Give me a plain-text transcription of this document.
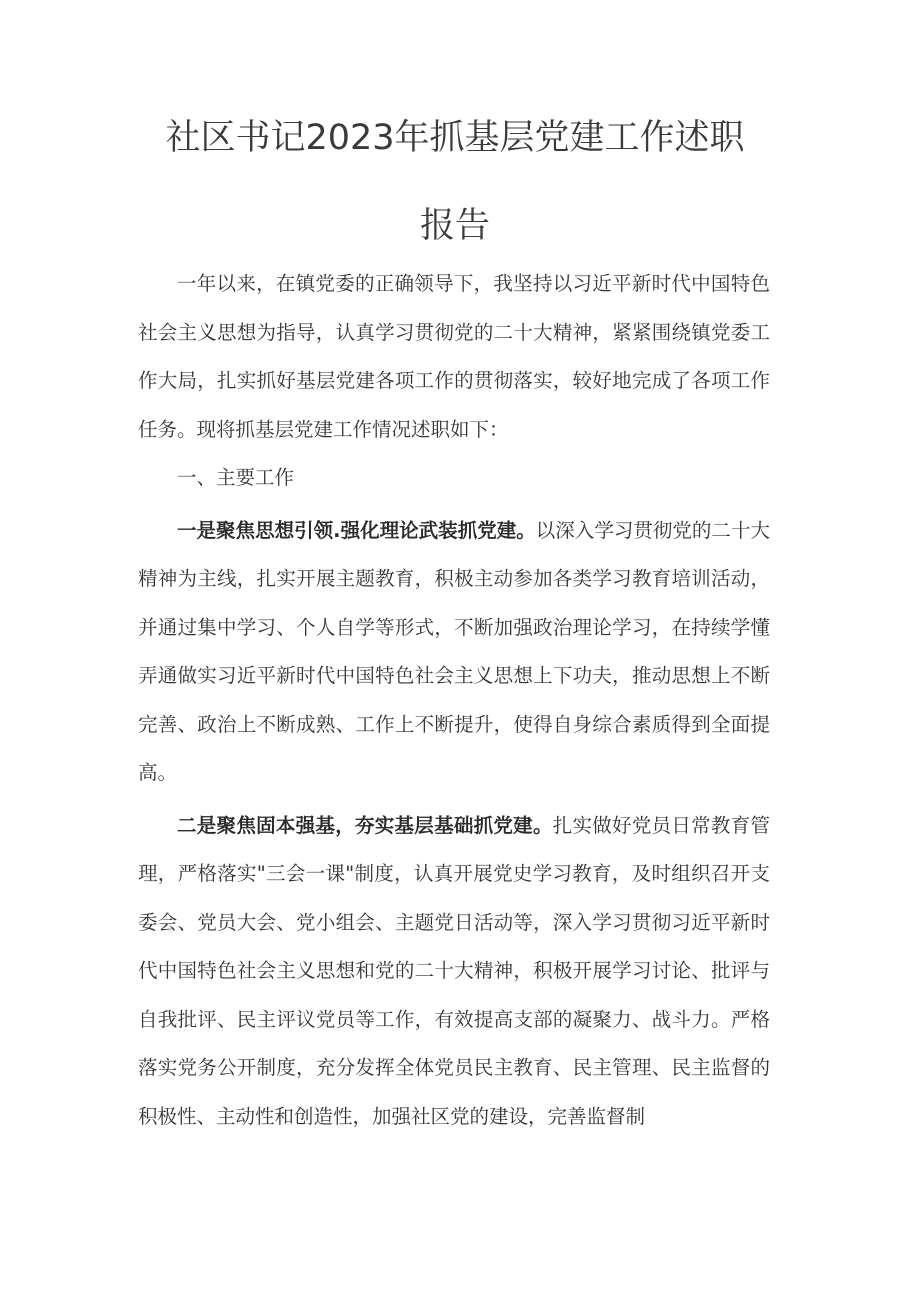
社区书记2023年抓基层党建工作述职
报告

一年以来，在镇党委的正确领导下，我坚持以习近平新时代中国特色社会主义思想为指导，认真学习贯彻党的二十大精神，紧紧围绕镇党委工作大局，扎实抓好基层党建各项工作的贯彻落实，较好地完成了各项工作任务。现将抓基层党建工作情况述职如下：

一、主要工作

一是聚焦思想引领.强化理论武装抓党建。以深入学习贯彻党的二十大精神为主线，扎实开展主题教育，积极主动参加各类学习教育培训活动，并通过集中学习、个人自学等形式，不断加强政治理论学习，在持续学懂弄通做实习近平新时代中国特色社会主义思想上下功夫，推动思想上不断完善、政治上不断成熟、工作上不断提升，使得自身综合素质得到全面提高。

二是聚焦固本强基，夯实基层基础抓党建。扎实做好党员日常教育管理，严格落实"三会一课"制度，认真开展党史学习教育，及时组织召开支委会、党员大会、党小组会、主题党日活动等，深入学习贯彻习近平新时代中国特色社会主义思想和党的二十大精神，积极开展学习讨论、批评与自我批评、民主评议党员等工作，有效提高支部的凝聚力、战斗力。严格落实党务公开制度，充分发挥全体党员民主教育、民主管理、民主监督的积极性、主动性和创造性，加强社区党的建设，完善监督制
